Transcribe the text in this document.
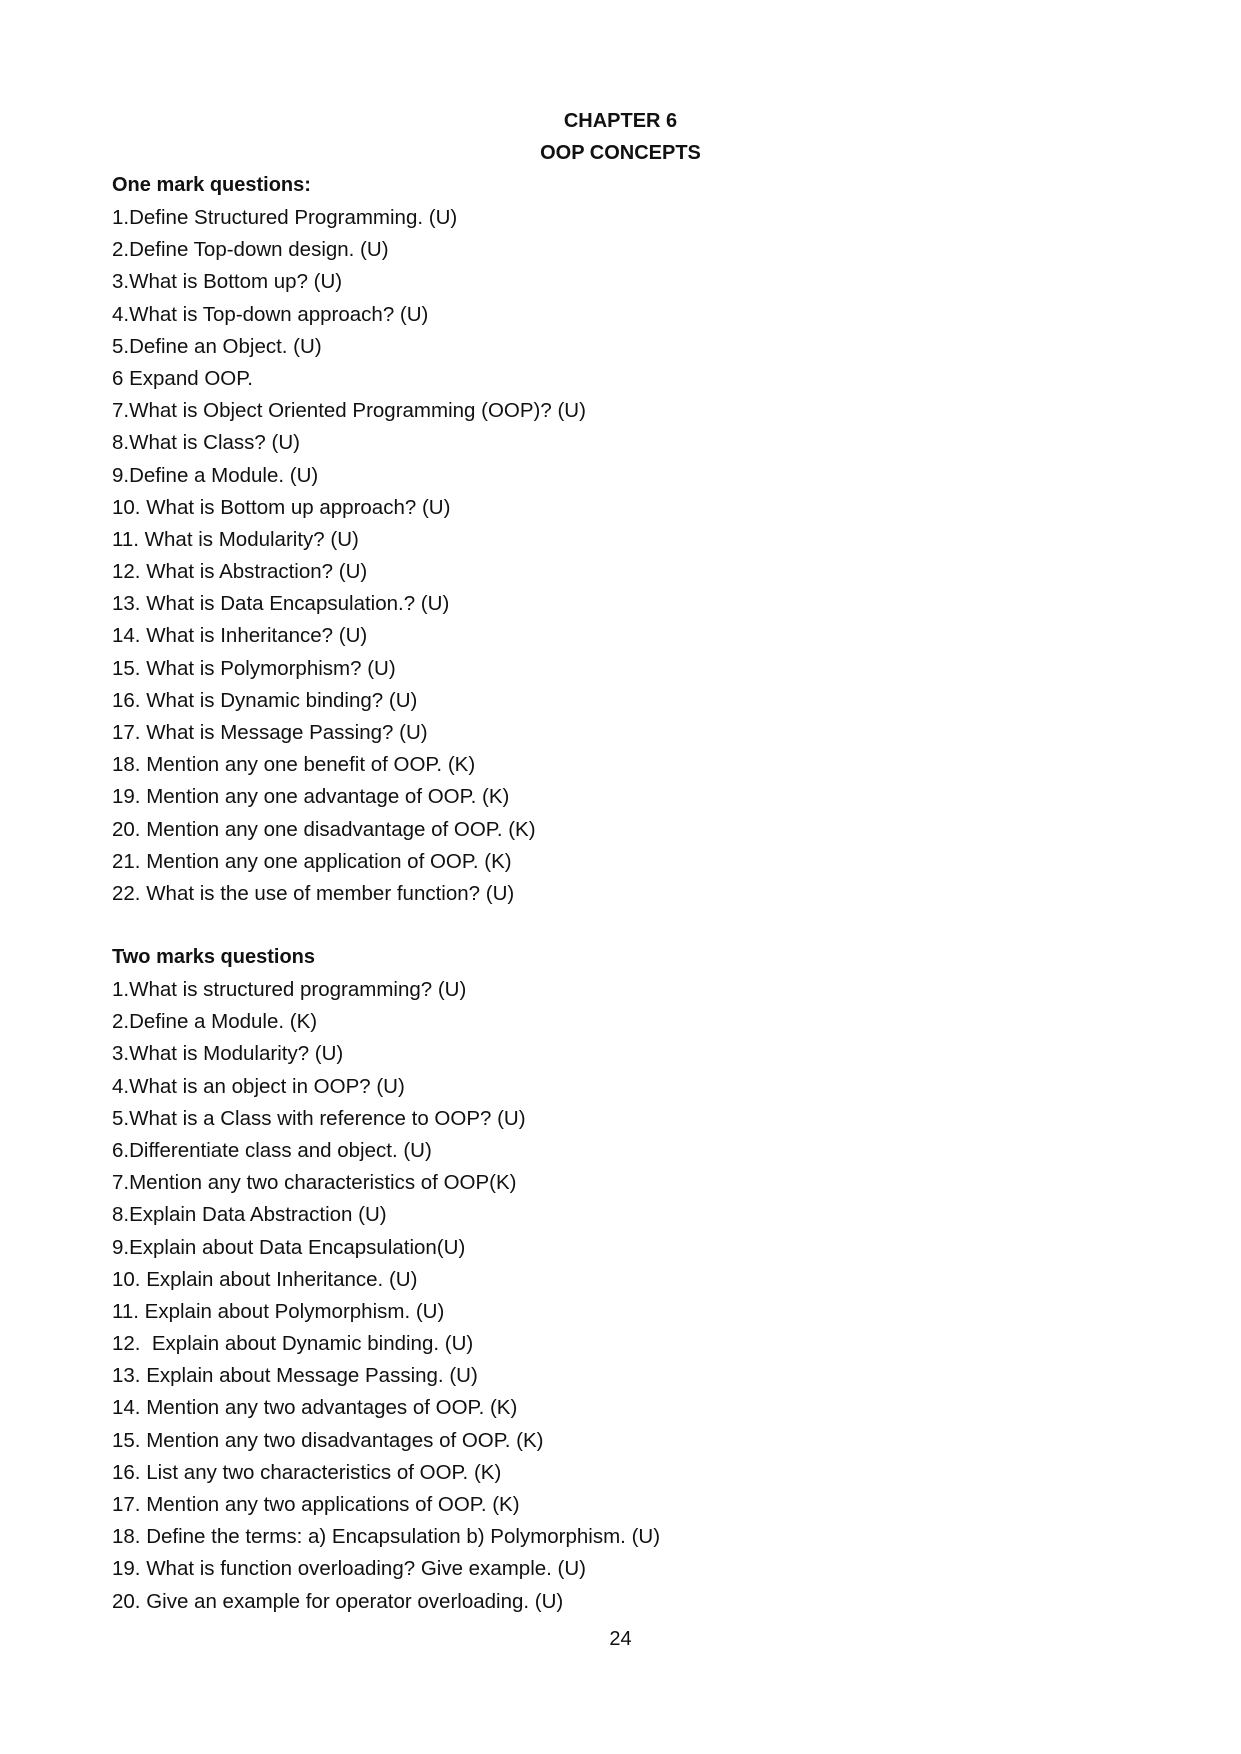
CHAPTER 6
OOP CONCEPTS
One mark questions:
1.Define Structured Programming. (U)
2.Define Top-down design. (U)
3.What is Bottom up? (U)
4.What is Top-down approach? (U)
5.Define an Object. (U)
6 Expand OOP.
7.What is Object Oriented Programming (OOP)? (U)
8.What is Class? (U)
9.Define a Module. (U)
10. What is Bottom up approach? (U)
11. What is Modularity? (U)
12. What is Abstraction? (U)
13. What is Data Encapsulation.? (U)
14. What is Inheritance? (U)
15. What is Polymorphism? (U)
16. What is Dynamic binding? (U)
17. What is Message Passing? (U)
18. Mention any one benefit of OOP. (K)
19. Mention any one advantage of OOP. (K)
20. Mention any one disadvantage of OOP. (K)
21. Mention any one application of OOP. (K)
22. What is the use of member function? (U)
Two marks questions
1.What is structured programming? (U)
2.Define a Module. (K)
3.What is Modularity? (U)
4.What is an object in OOP? (U)
5.What is a Class with reference to OOP? (U)
6.Differentiate class and object. (U)
7.Mention any two characteristics of OOP(K)
8.Explain Data Abstraction (U)
9.Explain about Data Encapsulation(U)
10. Explain about Inheritance. (U)
11. Explain about Polymorphism. (U)
12.  Explain about Dynamic binding. (U)
13. Explain about Message Passing. (U)
14. Mention any two advantages of OOP. (K)
15. Mention any two disadvantages of OOP. (K)
16. List any two characteristics of OOP. (K)
17. Mention any two applications of OOP. (K)
18. Define the terms: a) Encapsulation b) Polymorphism. (U)
19. What is function overloading? Give example. (U)
20. Give an example for operator overloading. (U)
24
